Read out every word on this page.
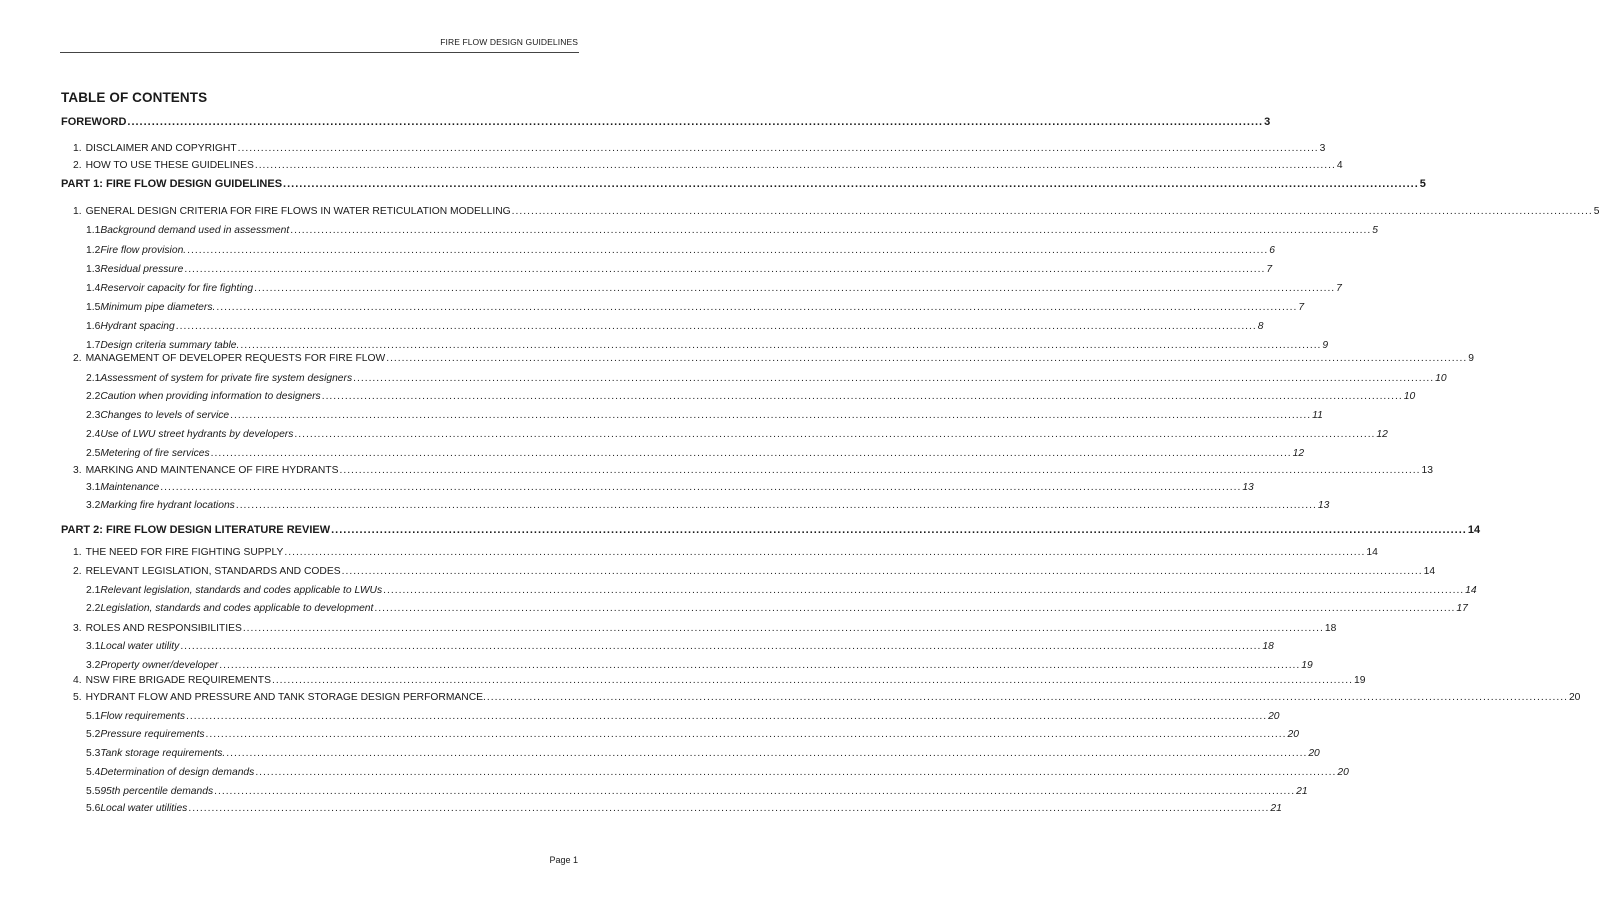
FIRE FLOW DESIGN GUIDELINES
TABLE OF CONTENTS
FOREWORD .....	3
1. DISCLAIMER AND COPYRIGHT .....	3
2. HOW TO USE THESE GUIDELINES .....	4
PART 1: FIRE FLOW DESIGN GUIDELINES .....	5
1. GENERAL DESIGN CRITERIA FOR FIRE FLOWS IN WATER RETICULATION MODELLING .....	5
1.1 Background demand used in assessment .....	5
1.2 Fire flow provision. .....	6
1.3 Residual pressure .....	7
1.4 Reservoir capacity for fire fighting .....	7
1.5 Minimum pipe diameters. .....	7
1.6 Hydrant spacing .....	8
1.7 Design criteria summary table. .....	9
2. MANAGEMENT OF DEVELOPER REQUESTS FOR FIRE FLOW .....	9
2.1 Assessment of system for private fire system designers .....	10
2.2 Caution when providing information to designers .....	10
2.3 Changes to levels of service .....	11
2.4 Use of LWU street hydrants by developers .....	12
2.5 Metering of fire services .....	12
3. MARKING AND MAINTENANCE OF FIRE HYDRANTS .....	13
3.1 Maintenance .....	13
3.2 Marking fire hydrant locations .....	13
PART 2: FIRE FLOW DESIGN LITERATURE REVIEW .....	14
1. THE NEED FOR FIRE FIGHTING SUPPLY .....	14
2. RELEVANT LEGISLATION, STANDARDS AND CODES .....	14
2.1 Relevant legislation, standards and codes applicable to LWUs .....	14
2.2 Legislation, standards and codes applicable to development .....	17
3. ROLES AND RESPONSIBILITIES .....	18
3.1 Local water utility .....	18
3.2 Property owner/developer .....	19
4. NSW FIRE BRIGADE REQUIREMENTS .....	19
5. HYDRANT FLOW AND PRESSURE AND TANK STORAGE DESIGN PERFORMANCE. .....	20
5.1 Flow requirements .....	20
5.2 Pressure requirements .....	20
5.3 Tank storage requirements. .....	20
5.4 Determination of design demands .....	20
5.5 95th percentile demands .....	21
5.6 Local water utilities .....	21
Page 1
